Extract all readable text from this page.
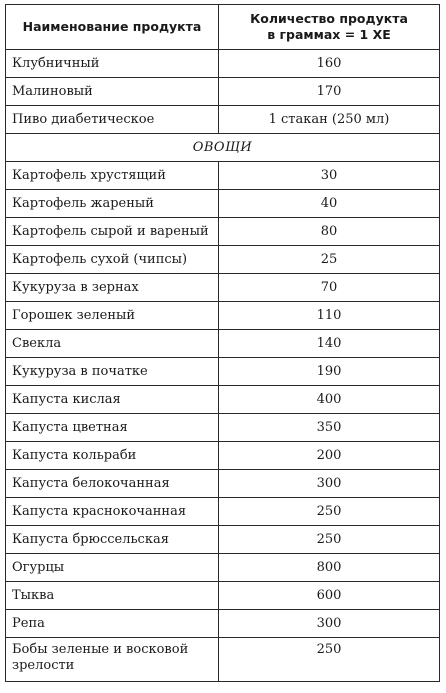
Наименование продукта	Количество продукта
в граммах = 1 ХЕ
Клубничный	160
Малиновый	170
Пиво диабетическое	1 стакан (250 мл)
ОВОЩИ	
Картофель хрустящий	30
Картофель жареный	40
Картофель сырой и вареный	80
Картофель сухой (чипсы)	25
Кукуруза в зернах	70
Горошек зеленый	110
Свекла	140
Кукуруза в початке	190
Капуста кислая	400
Капуста цветная	350
Капуста кольраби	200
Капуста белокочанная	300
Капуста краснокочанная	250
Капуста брюссельская	250
Огурцы	800
Тыква	600
Репа	300
Бобы зеленые и восковой зрелости	250
